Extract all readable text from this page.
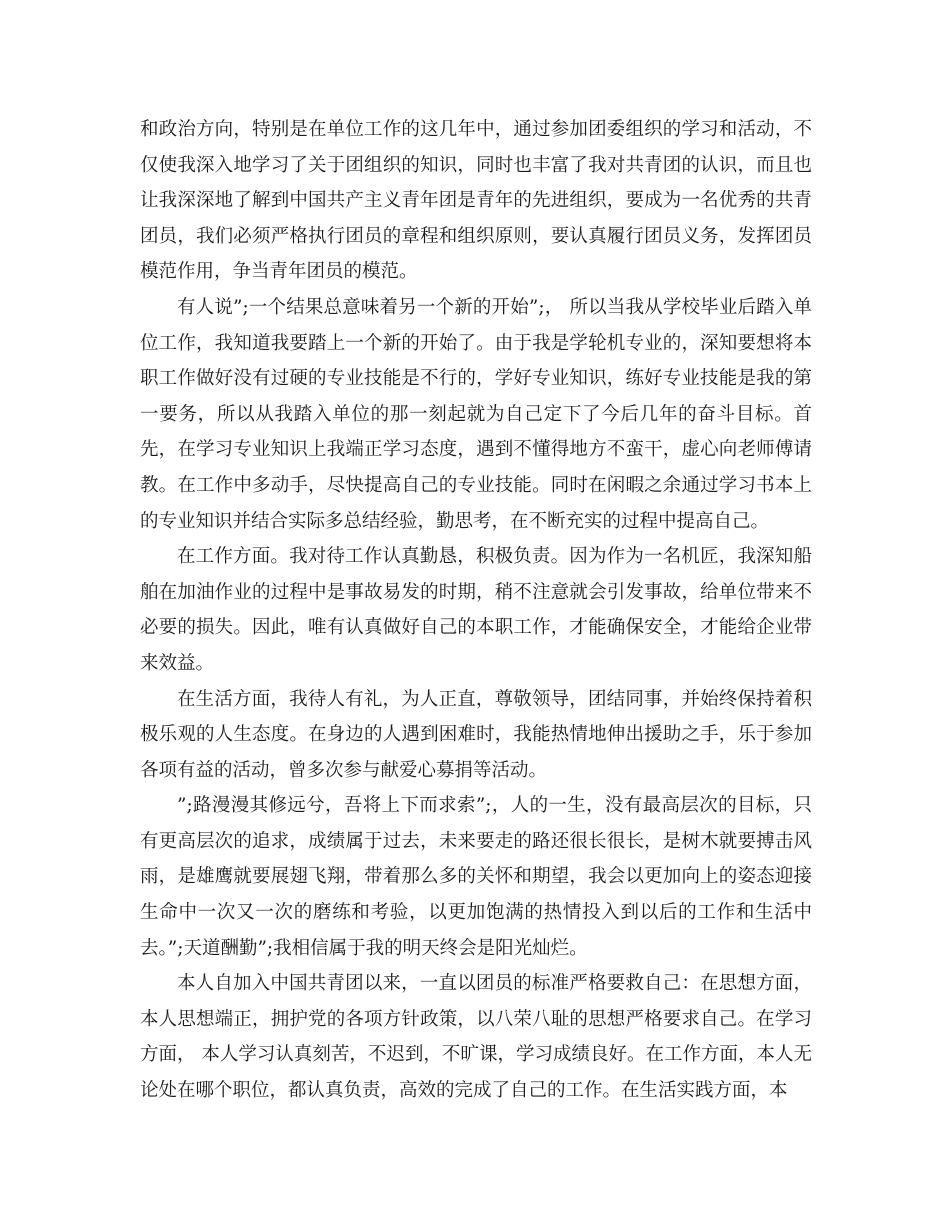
和政治方向，特别是在单位工作的这几年中，通过参加团委组织的学习和活动，不仅使我深入地学习了关于团组织的知识，同时也丰富了我对共青团的认识，而且也让我深深地了解到中国共产主义青年团是青年的先进组织，要成为一名优秀的共青团员，我们必须严格执行团员的章程和组织原则，要认真履行团员义务，发挥团员模范作用，争当青年团员的模范。

有人说”;一个结果总意味着另一个新的开始”;， 所以当我从学校毕业后踏入单位工作，我知道我要踏上一个新的开始了。由于我是学轮机专业的，深知要想将本职工作做好没有过硬的专业技能是不行的，学好专业知识，练好专业技能是我的第一要务，所以从我踏入单位的那一刻起就为自己定下了今后几年的奋斗目标。首先，在学习专业知识上我端正学习态度，遇到不懂得地方不蛮干，虚心向老师傅请教。在工作中多动手，尽快提高自己的专业技能。同时在闲暇之余通过学习书本上的专业知识并结合实际多总结经验，勤思考，在不断充实的过程中提高自己。

在工作方面。我对待工作认真勤恳，积极负责。因为作为一名机匠，我深知船舶在加油作业的过程中是事故易发的时期，稍不注意就会引发事故，给单位带来不必要的损失。因此，唯有认真做好自己的本职工作，才能确保安全，才能给企业带来效益。

在生活方面，我待人有礼，为人正直，尊敬领导，团结同事，并始终保持着积极乐观的人生态度。在身边的人遇到困难时，我能热情地伸出援助之手，乐于参加各项有益的活动，曾多次参与献爱心募捐等活动。

”;路漫漫其修远兮，吾将上下而求索”;，人的一生，没有最高层次的目标，只有更高层次的追求，成绩属于过去，未来要走的路还很长很长，是树木就要搏击风雨，是雄鹰就要展翅飞翔，带着那么多的关怀和期望，我会以更加向上的姿态迎接生命中一次又一次的磨练和考验，以更加饱满的热情投入到以后的工作和生活中去。”;天道酬勤”;我相信属于我的明天终会是阳光灿烂。

本人自加入中国共青团以来，一直以团员的标准严格要救自己：在思想方面，本人思想端正，拥护党的各项方针政策，以八荣八耻的思想严格要求自己。在学习方面， 本人学习认真刻苦，不迟到，不旷课，学习成绩良好。在工作方面，本人无论处在哪个职位，都认真负责，高效的完成了自己的工作。在生活实践方面，本
